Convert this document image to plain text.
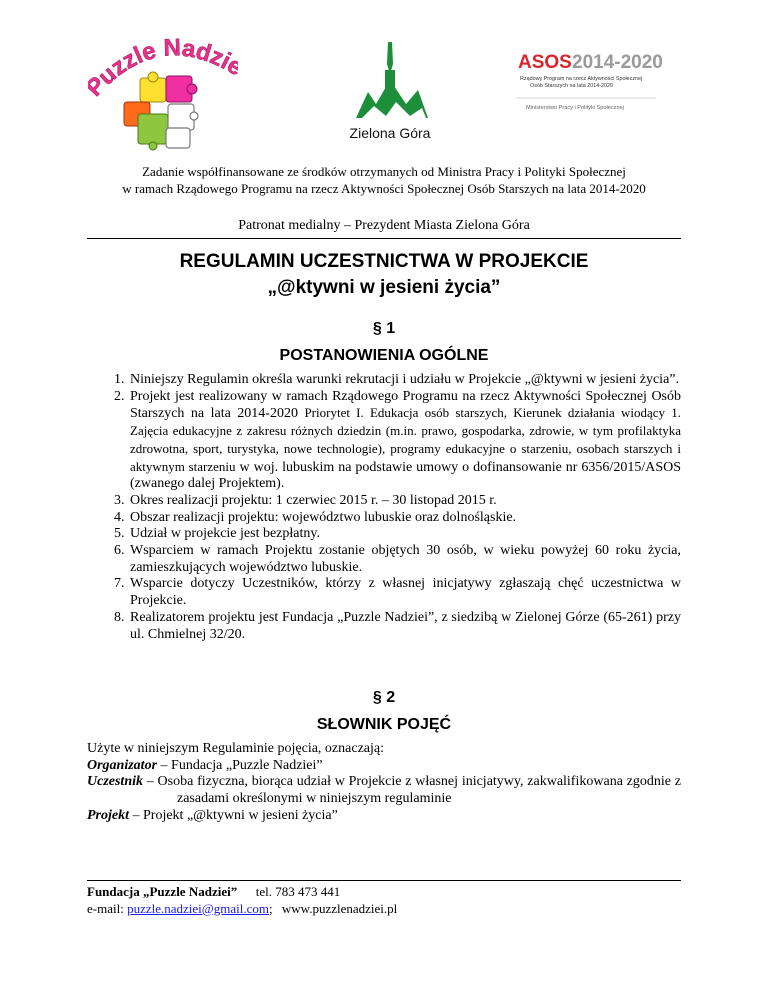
uzzle Nadzi
Zielona Góra
ASOS 2014-2020
Rządowy Program na rzecz Aktywności Społecznej
Osób Starszych na lata 2014-2020
Ministerstwo Pracy i Polityki Społecznej
Zadanie współfinansowane ze środków otrzymanych od Ministra Pracy i Polityki Społecznej
w ramach Rządowego Programu na rzecz Aktywności Społecznej Osób Starszych na lata 2014-2020
Patronat medialny – Prezydent Miasta Zielona Góra
REGULAMIN UCZESTNICTWA W PROJEKCIE
„@ktywni w jesieni życia”
§ 1
POSTANOWIENIA OGÓLNE
1. Niniejszy Regulamin określa warunki rekrutacji i udziału w Projekcie „@ktywni w jesieni życia”.
2. Projekt jest realizowany w ramach Rządowego Programu na rzecz Aktywności Społecznej Osób Starszych na lata 2014-2020 Priorytet I. Edukacja osób starszych, Kierunek działania wiodący 1. Zajęcia edukacyjne z zakresu różnych dziedzin (m.in. prawo, gospodarka, zdrowie, w tym profilaktyka zdrowotna, sport, turystyka, nowe technologie), programy edukacyjne o starzeniu, osobach starszych i aktywnym starzeniu w woj. lubuskim na podstawie umowy o dofinansowanie nr 6356/2015/ASOS (zwanego dalej Projektem).
3. Okres realizacji projektu: 1 czerwiec 2015 r. – 30 listopad 2015 r.
4. Obszar realizacji projektu: województwo lubuskie oraz dolnośląskie.
5. Udział w projekcie jest bezpłatny.
6. Wsparciem w ramach Projektu zostanie objętych 30 osób, w wieku powyżej 60 roku życia, zamieszkujących województwo lubuskie.
7. Wsparcie dotyczy Uczestników, którzy z własnej inicjatywy zgłaszają chęć uczestnictwa w Projekcie.
8. Realizatorem projektu jest Fundacja „Puzzle Nadziei”, z siedzibą w Zielonej Górze (65-261) przy ul. Chmielnej 32/20.
§ 2
SŁOWNIK POJĘĆ

Użyte w niniejszym Regulaminie pojęcia, oznaczają:

Organizator – Fundacja „Puzzle Nadziei”

Uczestnik – Osoba fizyczna, biorąca udział w Projekcie z własnej inicjatywy, zakwalifikowana zgodnie z zasadami określonymi w niniejszym regulaminie

Projekt – Projekt „@ktywni w jesieni życia”

Fundacja „Puzzle Nadziei” tel. 783 473 441
e-mail: puzzle.nadziei@gmail.com; www.puzzlenadziei.pl
